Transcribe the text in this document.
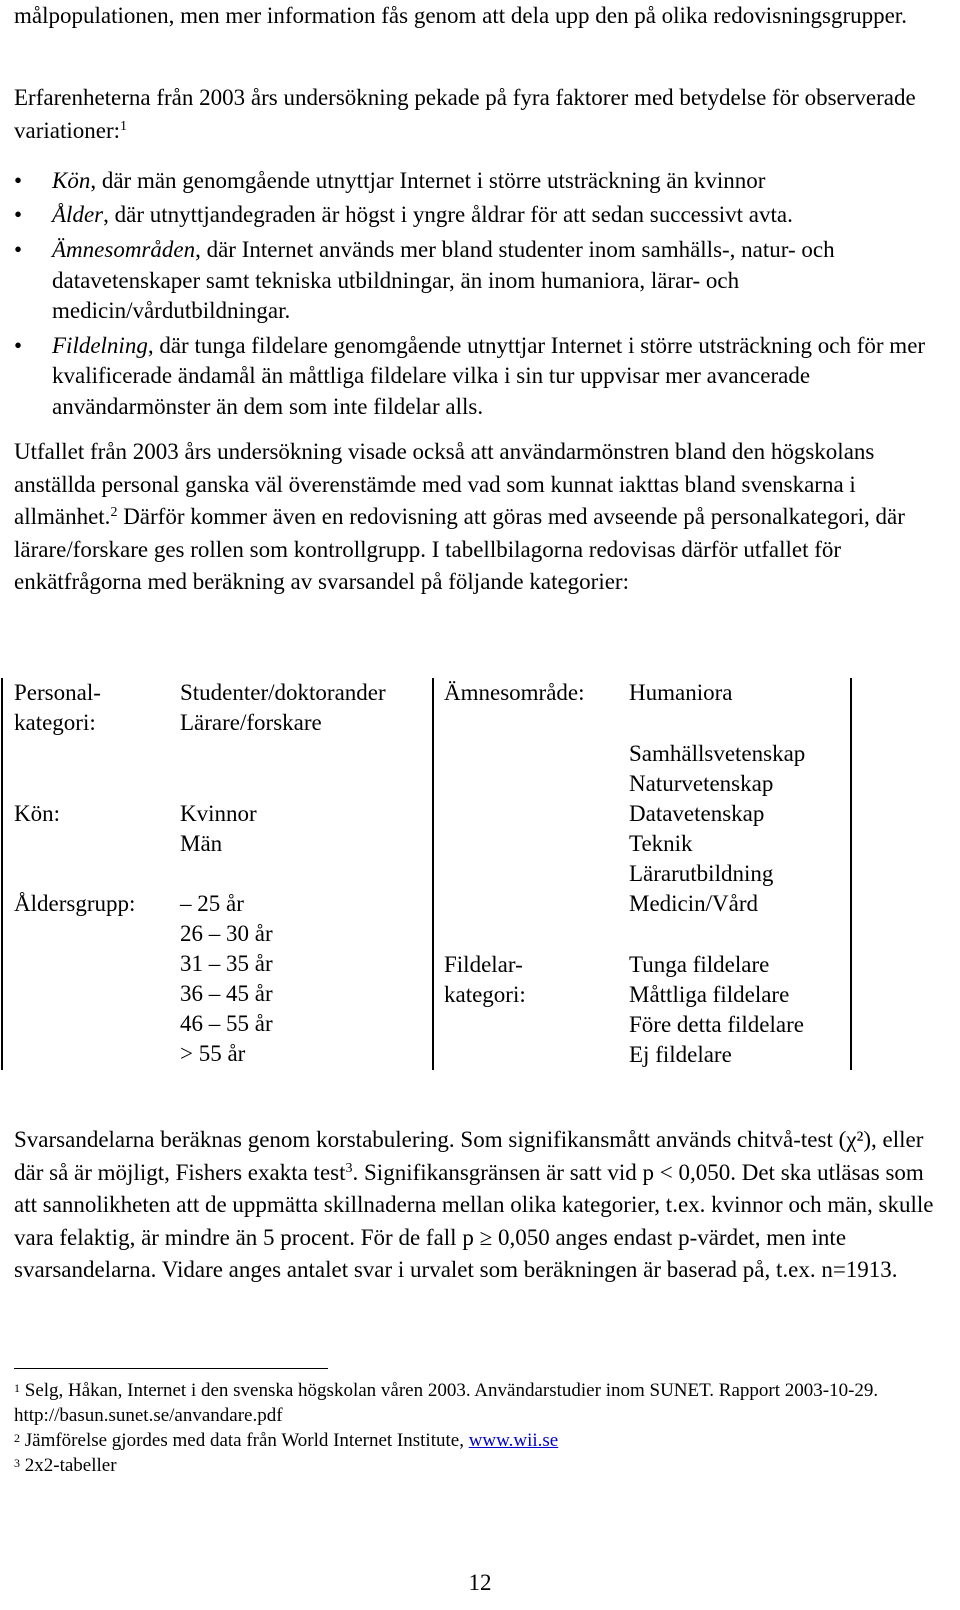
målpopulationen, men mer information fås genom att dela upp den på olika redovisningsgrupper.

Erfarenheterna från 2003 års undersökning pekade på fyra faktorer med betydelse för observerade variationer:$^1$

• Kön, där män genomgående utnyttjar Internet i större utsträckning än kvinnor
• Ålder, där utnyttjandegraden är högst i yngre åldrar för att sedan successivt avta.
• Ämnesområden, där Internet används mer bland studenter inom samhälls-, natur- och datavetenskaper samt tekniska utbildningar, än inom humaniora, lärar- och medicin/vårdutbildningar.
• Fildelning, där tunga fildelare genomgående utnyttjar Internet i större utsträckning och för mer kvalificerade ändamål än måttliga fildelare vilka i sin tur uppvisar mer avancerade användarmönster än dem som inte fildelar alls.

Utfallet från 2003 års undersökning visade också att användarmönstren bland den högskolans anställda personal ganska väl överenstämde med vad som kunnat iakttas bland svenskarna i allmänhet.$^2$ Därför kommer även en redovisning att göras med avseende på personalkategori, där lärare/forskare ges rollen som kontrollgrupp. I tabellbilagorna redovisas därför utfallet för enkätfrågorna med beräkning av svarsandel på följande kategorier:

Personal-
kategori:
Studenter/doktorander
Lärare/forskare
Kön:	Kvinnor
Män
Åldersgrupp: – 25 år
26 – 30 år
31 – 35 år
36 – 45 år
46 – 55 år
> 55 år
Ämnesområde: Humaniora
Samhällsvetenskap
Naturvetenskap
Datavetenskap
Teknik
Lärarutbildning
Medicin/Vård
Fildelar-
kategori:
Tunga fildelare
Måttliga fildelare
Före detta fildelare
Ej fildelare

Svarsandelarna beräknas genom korstabulering. Som signifikansmått används chitvå-test (χ²), eller där så är möjligt, Fishers exakta test$^3$. Signifikansgränsen är satt vid p < 0,050. Det ska utläsas som att sannolikheten att de uppmätta skillnaderna mellan olika kategorier, t.ex. kvinnor och män, skulle vara felaktig, är mindre än 5 procent. För de fall p ≥ 0,050 anges endast p-värdet, men inte svarsandelarna. Vidare anges antalet svar i urvalet som beräkningen är baserad på, t.ex. n=1913.

$^1$ Selg, Håkan, Internet i den svenska högskolan våren 2003. Användarstudier inom SUNET. Rapport 2003-10-29. http://basun.sunet.se/anvandare.pdf

$^2$ Jämförelse gjordes med data från World Internet Institute, www.wii.se

$^3$ 2x2-tabeller

12
